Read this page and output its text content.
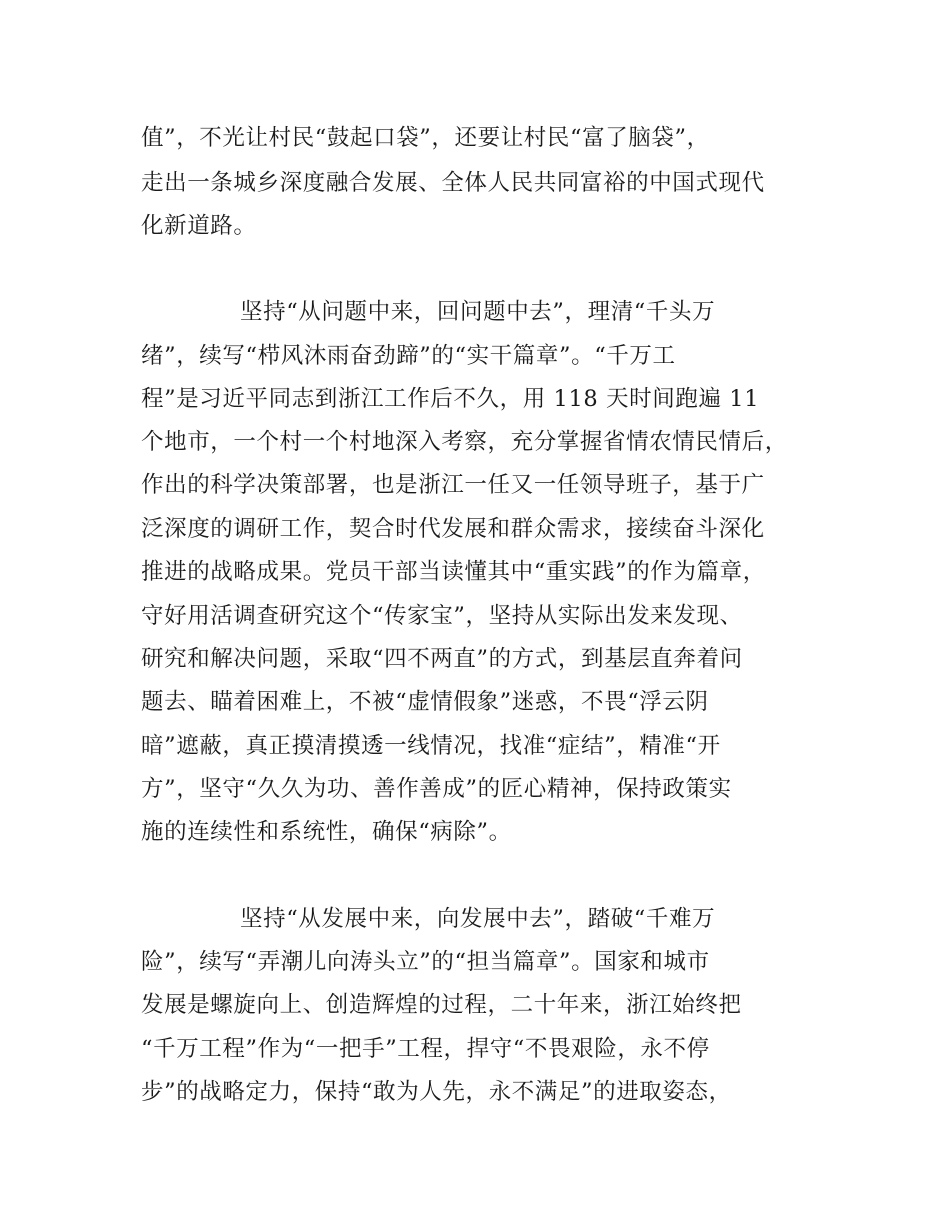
值”，不光让村民“鼓起口袋”，还要让村民“富了脑袋”，
走出一条城乡深度融合发展、全体人民共同富裕的中国式现代
化新道路。
坚持“从问题中来，回问题中去”，理清“千头万
绪”，续写“栉风沐雨奋劲蹄”的“实干篇章”。“千万工
程”是习近平同志到浙江工作后不久，用 118 天时间跑遍 11
个地市，一个村一个村地深入考察，充分掌握省情农情民情后，
作出的科学决策部署，也是浙江一任又一任领导班子，基于广
泛深度的调研工作，契合时代发展和群众需求，接续奋斗深化
推进的战略成果。党员干部当读懂其中“重实践”的作为篇章，
守好用活调查研究这个“传家宝”，坚持从实际出发来发现、
研究和解决问题，采取“四不两直”的方式，到基层直奔着问
题去、瞄着困难上，不被“虚情假象”迷惑，不畏“浮云阴
暗”遮蔽，真正摸清摸透一线情况，找准“症结”，精准“开
方”，坚守“久久为功、善作善成”的匠心精神，保持政策实
施的连续性和系统性，确保“病除”。
坚持“从发展中来，向发展中去”，踏破“千难万
险”，续写“弄潮儿向涛头立”的“担当篇章”。国家和城市
发展是螺旋向上、创造辉煌的过程，二十年来，浙江始终把
“千万工程”作为“一把手”工程，捍守“不畏艰险，永不停
步”的战略定力，保持“敢为人先，永不满足”的进取姿态，
